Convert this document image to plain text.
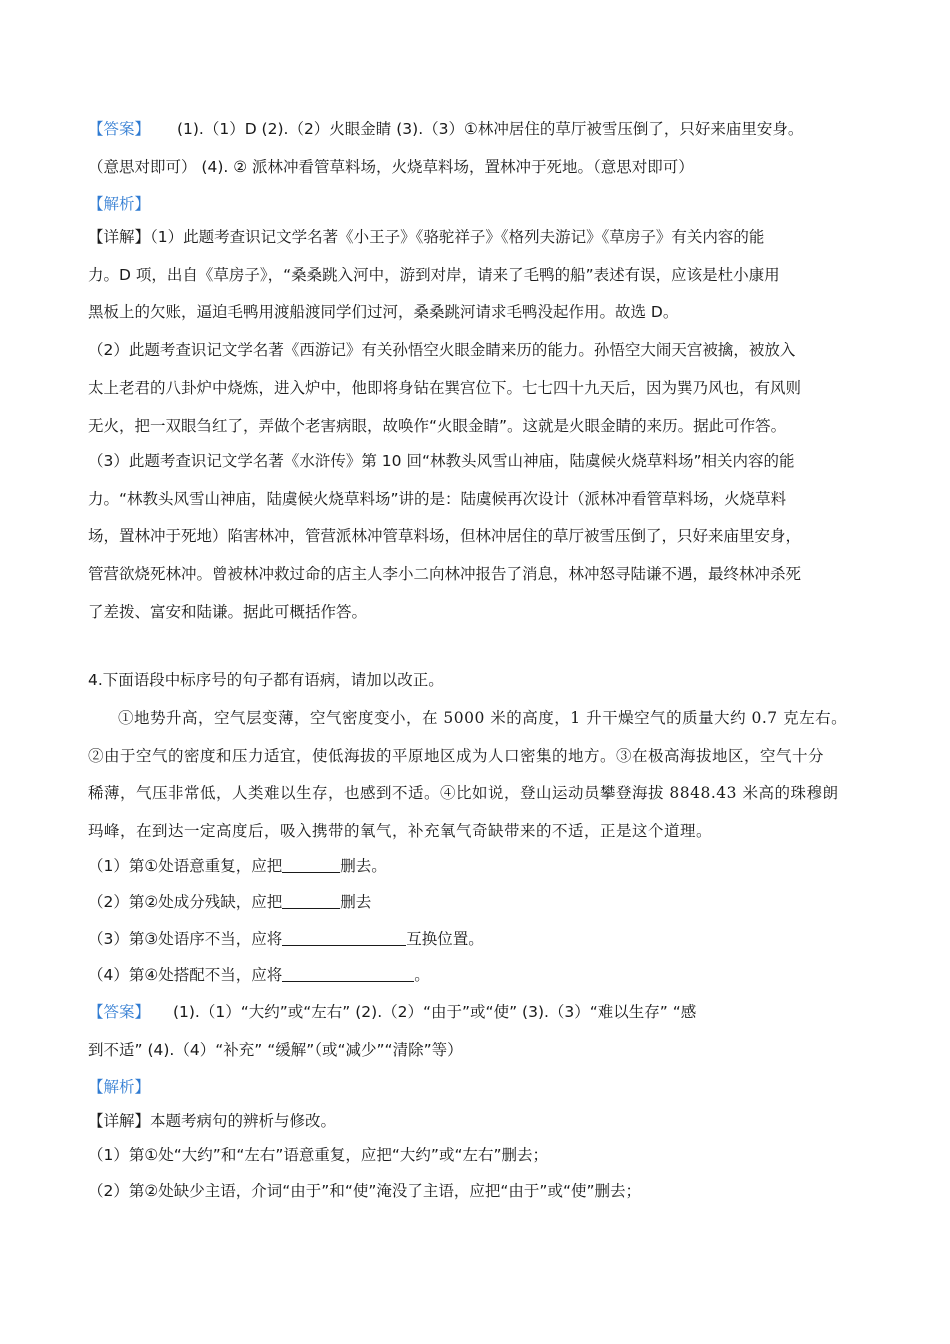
【答案】 (1).（1）D (2).（2）火眼金睛 (3).（3）①林冲居住的草厅被雪压倒了，只好来庙里安身。
（意思对即可） (4). ② 派林冲看管草料场，火烧草料场，置林冲于死地。（意思对即可）
【解析】
【详解】（1）此题考查识记文学名著《小王子》《骆驼祥子》《格列夫游记》《草房子》有关内容的能
力。D 项，出自《草房子》，“桑桑跳入河中，游到对岸，请来了毛鸭的船”表述有误，应该是杜小康用
黑板上的欠账，逼迫毛鸭用渡船渡同学们过河，桑桑跳河请求毛鸭没起作用。故选 D。
（2）此题考查识记文学名著《西游记》有关孙悟空火眼金睛来历的能力。孙悟空大闹天宫被擒，被放入
太上老君的八卦炉中烧炼，进入炉中，他即将身钻在巽宫位下。七七四十九天后，因为巽乃风也，有风则
无火，把一双眼刍红了，弄做个老害病眼，故唤作“火眼金睛”。这就是火眼金睛的来历。据此可作答。
（3）此题考查识记文学名著《水浒传》第 10 回“林教头风雪山神庙，陆虞候火烧草料场”相关内容的能
力。“林教头风雪山神庙，陆虞候火烧草料场”讲的是：陆虞候再次设计（派林冲看管草料场，火烧草料
场，置林冲于死地）陷害林冲，管营派林冲管草料场，但林冲居住的草厅被雪压倒了，只好来庙里安身，
管营欲烧死林冲。曾被林冲救过命的店主人李小二向林冲报告了消息，林冲怒寻陆谦不遇，最终林冲杀死
了差拨、富安和陆谦。据此可概括作答。
4.下面语段中标序号的句子都有语病，请加以改正。
①地势升高，空气层变薄，空气密度变小，在 5000 米的高度，1 升干燥空气的质量大约 0.7 克左右。
②由于空气的密度和压力适宜，使低海拔的平原地区成为人口密集的地方。③在极高海拔地区，空气十分
稀薄，气压非常低，人类难以生存，也感到不适。④比如说，登山运动员攀登海拔 8848.43 米高的珠穆朗
玛峰，在到达一定高度后，吸入携带的氧气，补充氧气奇缺带来的不适，正是这个道理。
（1）第①处语意重复，应把	删去。
（2）第②处成分残缺，应把	删去
（3）第③处语序不当，应将	互换位置。
（4）第④处搭配不当，应将	。
【答案】 (1).（1）“大约”或“左右” (2).（2）“由于”或“使” (3).（3）“难以生存” “感
到不适” (4).（4）“补充” “缓解”（或“减少”“清除”等）
【解析】
【详解】本题考病句的辨析与修改。
（1）第①处“大约”和“左右”语意重复，应把“大约”或“左右”删去；
（2）第②处缺少主语，介词“由于”和“使”淹没了主语，应把“由于”或“使”删去；
